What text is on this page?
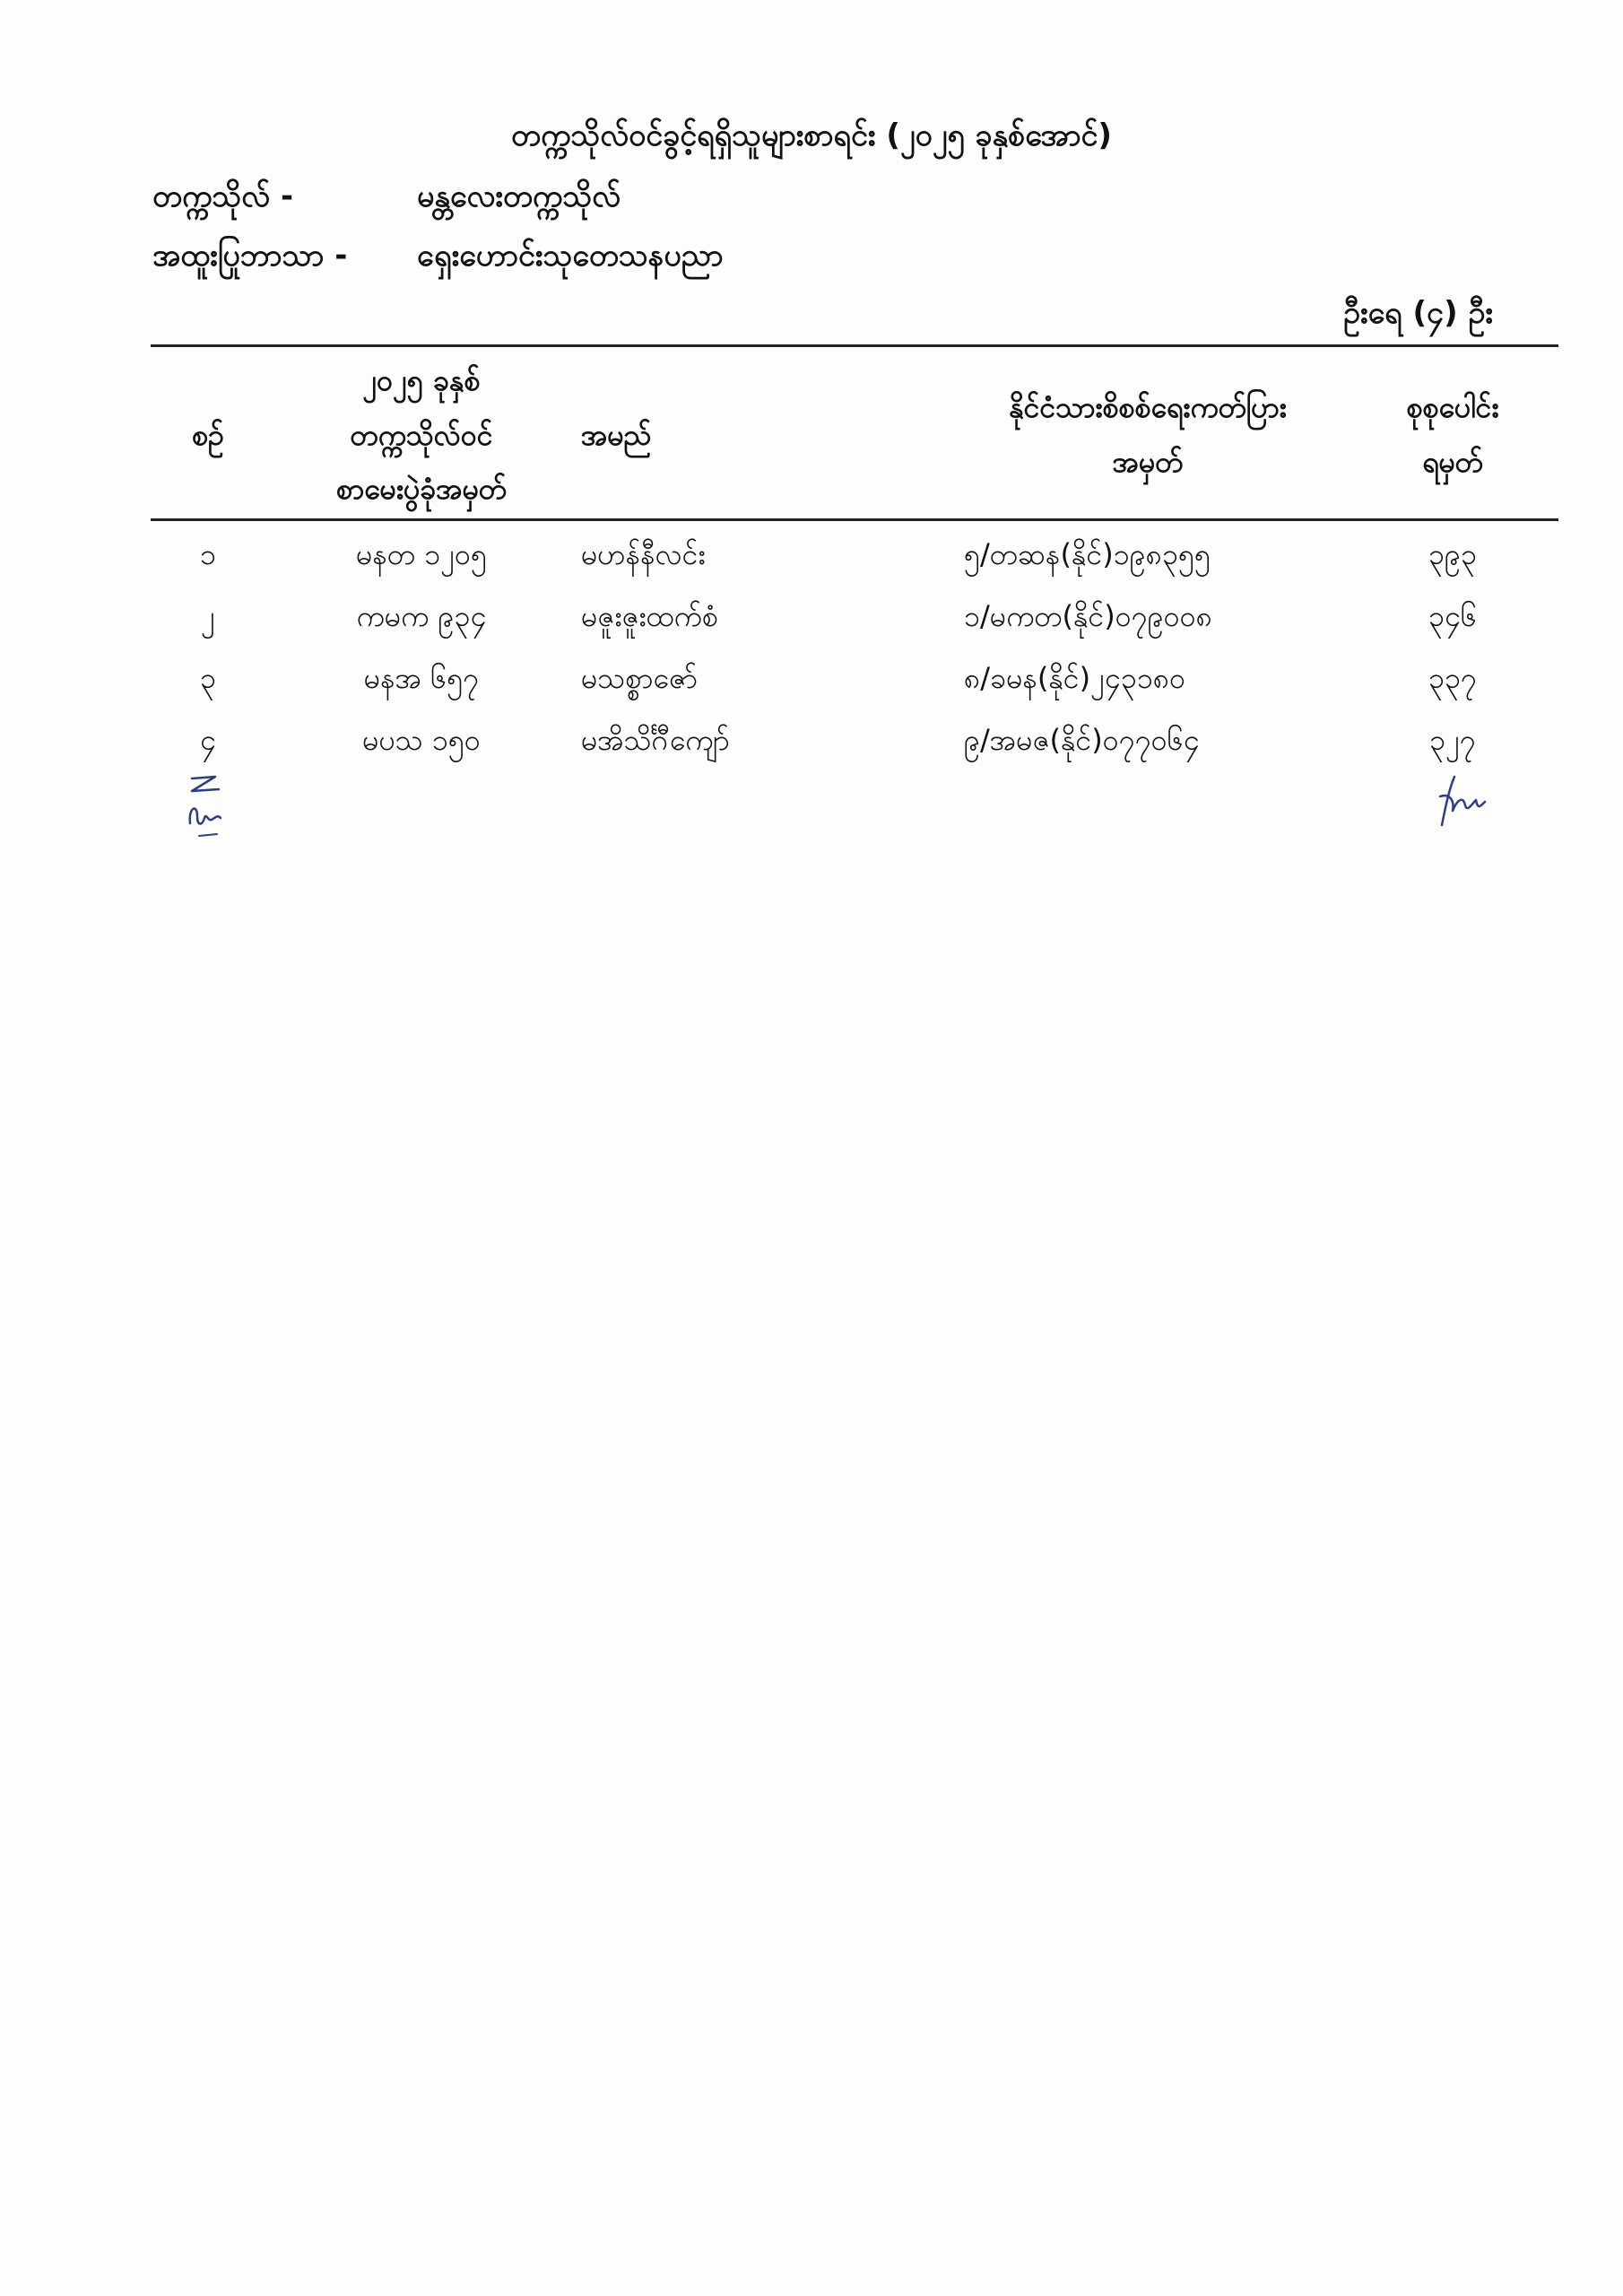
တက္ကသိုလ်ဝင်ခွင့်ရရှိသူများစာရင်း (၂၀၂၅ ခုနှစ်အောင်)
တက္ကသိုလ် -	မန္တလေးတက္ကသိုလ်
အထူးပြုဘာသာ - ရှေးဟောင်းသုတေသနပညာ
ဦးရေ (၄) ဦး
စဉ်
၂၀၂၅ ခုနှစ်
တက္ကသိုလ်ဝင်
စာမေးပွဲခုံအမှတ်
အမည်
နိုင်ငံသားစိစစ်ရေးကတ်ပြား
အမှတ်
စုစုပေါင်း
ရမှတ်
၁	မနတ ၁၂၀၅	မဟန်နီလင်း	၅/တဆန(နိုင်)၁၉၈၃၅၅	၃၉၃
၂	ကမက ၉၃၄	မဇူးဇူးထက်စံ	၁/မကတ(နိုင်)၀၇၉၀၀၈	၃၄၆
၃	မနအ ၆၅၇	မသစ္စာဇော်	၈/ခမန(နိုင်)၂၄၃၁၈၀	၃၃၇
၄	မပသ ၁၅၀	မအိသိင်္ဂီကျော်	၉/အမဇ(နိုင်)၀၇၇၀၆၄	၃၂၇
